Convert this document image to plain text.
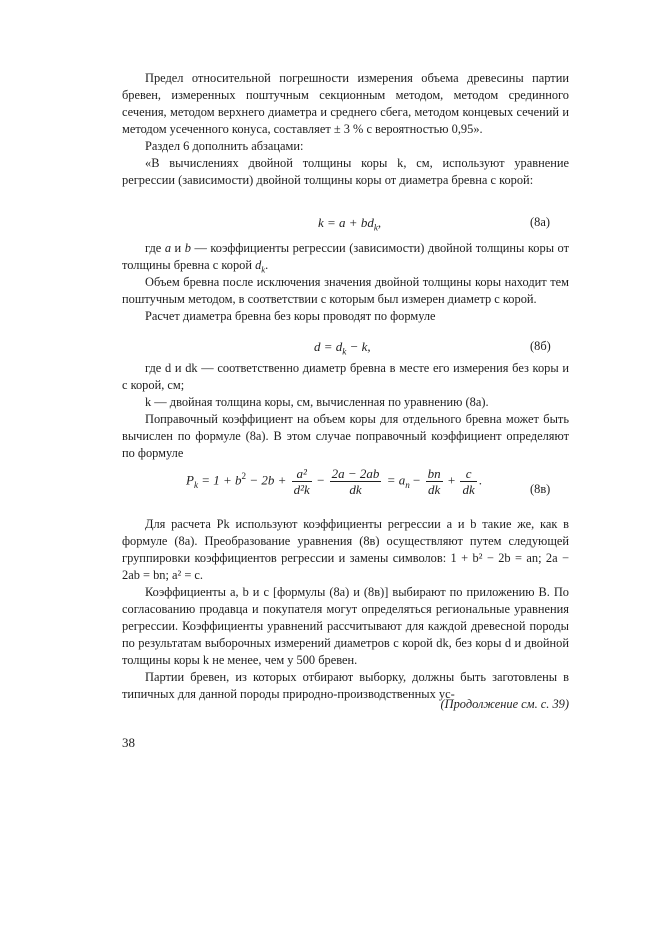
Предел относительной погрешности измерения объема древесины партии бревен, измеренных поштучным секционным методом, методом срединного сечения, методом верхнего диаметра и среднего сбега, методом концевых сечений и методом усеченного конуса, составляет ± 3 % с вероятностью 0,95».

Раздел 6 дополнить абзацами:

«В вычислениях двойной толщины коры k, см, используют уравнение регрессии (зависимости) двойной толщины коры от диаметра бревна с корой:

$k = a + bd_k$,	(8а)

где a и b — коэффициенты регрессии (зависимости) двойной толщины коры от толщины бревна с корой $d_k$.

Объем бревна после исключения значения двойной толщины коры находит тем поштучным методом, в соответствии с которым был измерен диаметр с корой.

Расчет диаметра бревна без коры проводят по формуле

$d = d_k - k$,	(8б)

где d и dk — соответственно диаметр бревна в месте его измерения без коры и с корой, см;

k — двойная толщина коры, см, вычисленная по уравнению (8а).

Поправочный коэффициент на объем коры для отдельного бревна может быть вычислен по формуле (8а). В этом случае поправочный коэффициент определяют по формуле

$P_k = 1 + b^2 - 2b + \frac{\text{a²}}{\text{d²k}} - \frac{2a - 2ab}{dk} = a_n - \frac{bn}{dk} + \frac{c}{dk}$ .
(8в)

Для расчета Pk используют коэффициенты регрессии a и b такие же, как в формуле (8а). Преобразование уравнения (8в) осуществляют путем следующей группировки коэффициентов регрессии и замены символов: 1 + b² − 2b = an; 2a − 2ab = bn; a² = c.

Коэффициенты a, b и c [формулы (8а) и (8в)] выбирают по приложению В. По согласованию продавца и покупателя могут определяться региональные уравнения регрессии. Коэффициенты уравнений рассчитывают для каждой древесной породы по результатам выборочных измерений диаметров с корой dk, без коры d и двойной толщины коры k не менее, чем у 500 бревен.

Партии бревен, из которых отбирают выборку, должны быть заготовлены в типичных для данной породы природно-производственных ус-

(Продолжение см. с. 39)
38
